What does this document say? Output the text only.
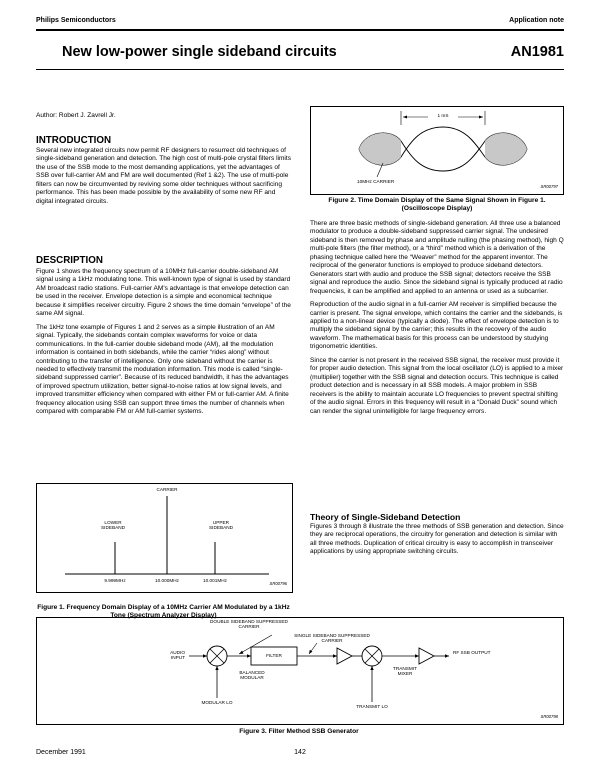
Philips Semiconductors	Application note
New low-power single sideband circuits	AN1981
Author: Robert J. Zavrell Jr.
INTRODUCTION
Several new integrated circuits now permit RF designers to resurrect old techniques of single-sideband generation and detection. The high cost of multi-pole crystal filters limits the use of the SSB mode to the most demanding applications, yet the advantages of SSB over full-carrier AM and FM are well documented (Ref 1 &2). The use of multi-pole filters can now be circumvented by reviving some older techniques without sacrificing performance. This has been made possible by the availability of some new RF and digital integrated circuits.
DESCRIPTION

Figure 1 shows the frequency spectrum of a 10MHz full-carrier double-sideband AM signal using a 1kHz modulating tone. This well-known type of signal is used by standard AM broadcast radio stations. Full-carrier AM's advantage is that envelope detection can be used in the receiver. Envelope detection is a simple and economical technique because it simplifies receiver circuitry. Figure 2 shows the time domain “envelope” of the same AM signal.

The 1kHz tone example of Figures 1 and 2 serves as a simple illustration of an AM signal. Typically, the sidebands contain complex waveforms for voice or data communications. In the full-carrier double sideband mode (AM), all the modulation information is contained in both sidebands, while the carrier “rides along” without contributing to the transfer of intelligence. Only one sideband without the carrier is needed to effectively transmit the modulation information. This mode is called “single-sideband suppressed carrier”. Because of its reduced bandwidth, it has the advantages of improved spectrum utilization, better signal-to-noise ratios at low signal levels, and improved transmitter efficiency when compared with either FM or full-carrier AM. A finite frequency allocation using SSB can support three times the number of channels when compared with comparable FM or AM full-carrier systems.

CARRIER
LOWER SIDEBAND
UPPER SIDEBAND
9.999MHz	10.000MHz	10.001MHz
SR00796
Figure 1. Frequency Domain Display of a 10MHz Carrier AM Modulated by a 1kHz Tone (Spectrum Analyzer Display)
1 mS
10MHz CARRIER
SR00797
Figure 2. Time Domain Display of the Same Signal Shown in Figure 1. (Oscilloscope Display)

There are three basic methods of single-sideband generation. All three use a balanced modulator to produce a double-sideband suppressed carrier signal. The undesired sideband is then removed by phase and amplitude nulling (the phasing method), high Q multi-pole filters (the filter method), or a “third” method which is a derivation of the phasing technique called here the “Weaver” method for the apparent inventor. The reciprocal of the generator functions is employed to produce sideband detectors. Generators start with audio and produce the SSB signal; detectors receive the SSB signal and reproduce the audio. Since the sideband signal is typically produced at radio frequencies, it can be amplified and applied to an antenna or used as a subcarrier.

Reproduction of the audio signal in a full-carrier AM receiver is simplified because the carrier is present. The signal envelope, which contains the carrier and the sidebands, is applied to a non-linear device (typically a diode). The effect of envelope detection is to multiply the sideband signal by the carrier; this results in the recovery of the audio waveform. The mathematical basis for this process can be understood by studying trigonometric identities.

Since the carrier is not present in the received SSB signal, the receiver must provide it for proper audio detection. This signal from the local oscillator (LO) is applied to a mixer (multiplier) together with the SSB signal and detection occurs. This technique is called product detection and is necessary in all SSB models. A major problem in SSB receivers is the ability to maintain accurate LO frequencies to prevent spectral shifting of the audio signal. Errors in this frequency will result in a “Donald Duck” sound which can render the signal unintelligible for large frequency errors.

Theory of Single-Sideband Detection
Figures 3 through 8 illustrate the three methods of SSB generation and detection. Since they are reciprocal operations, the circuitry for generation and detection is similar with all three methods. Duplication of critical circuitry is easy to accomplish in transceiver applications by using appropriate switching circuits.
DOUBLE SIDEBAND SUPPRESSED CARRIER
SINGLE SIDEBAND SUPPRESSED CARRIER
AUDIO INPUT
BALANCED MODULAR
FILTER
TRANSMIT MIXER
RF SSB OUTPUT
MODULAR LO
TRANSMIT LO
SR00798
Figure 3. Filter Method SSB Generator
December 1991	142
